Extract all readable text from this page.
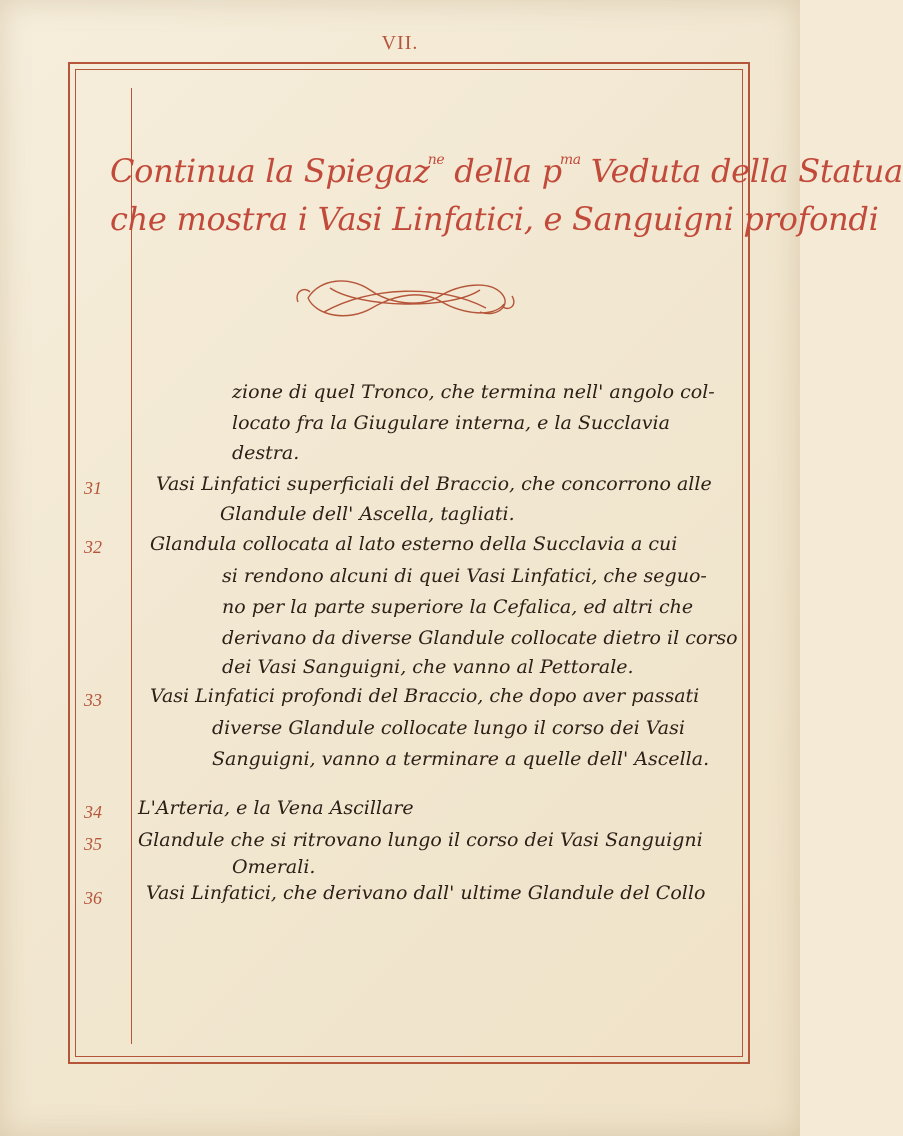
VII.
Continua la Spiegaz$^{ne}$ della $p^{ma}$ Veduta della Statua
che mostra i Vasi Linfatici, e Sanguigni profondi
zione di quel Tronco, che termina nell' angolo col-
locato fra la Giugulare interna, e la Succlavia
destra.
31	Vasi Linfatici superficiali del Braccio, che concorrono alle
Glandule dell' Ascella, tagliati.
32	Glandula collocata al lato esterno della Succlavia a cui
si rendono alcuni di quei Vasi Linfatici, che seguo-
no per la parte superiore la Cefalica, ed altri che
derivano da diverse Glandule collocate dietro il corso
dei Vasi Sanguigni, che vanno al Pettorale.
33	Vasi Linfatici profondi del Braccio, che dopo aver passati
diverse Glandule collocate lungo il corso dei Vasi
Sanguigni, vanno a terminare a quelle dell' Ascella.
34	L'Arteria, e la Vena Ascillare
35	Glandule che si ritrovano lungo il corso dei Vasi Sanguigni
Omerali.
36	Vasi Linfatici, che derivano dall' ultime Glandule del Collo
